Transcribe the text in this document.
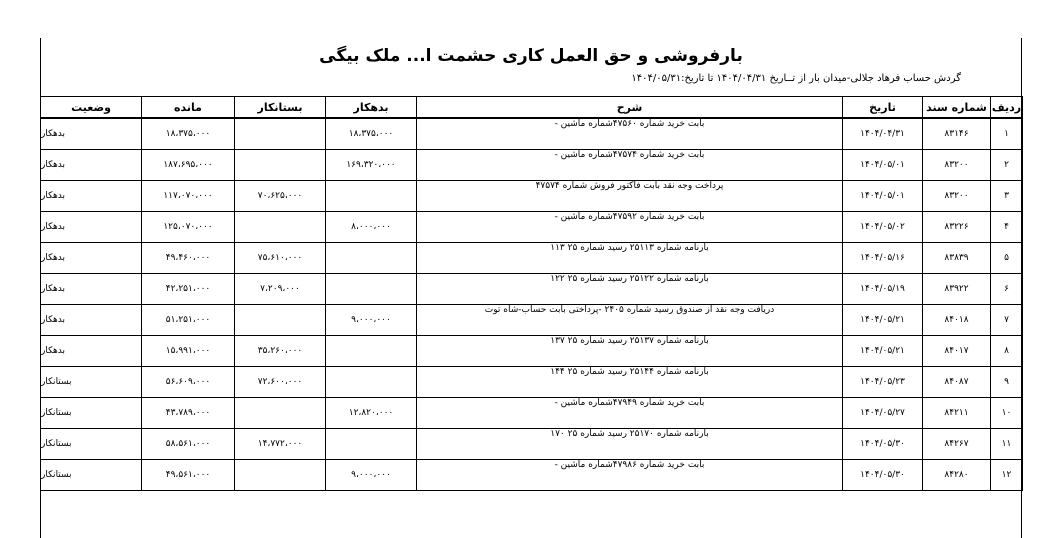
بارفروشی و حق العمل کاری حشمت ا... ملک بیگی
گردش حساب فرهاد جلالی-میدان بار از تــاریخ ۱۴۰۴/۰۴/۳۱ تا تاریخ:۱۴۰۴/۰۵/۳۱
ردیف	شماره سند	تاریخ	شرح	بدهکار	بستانکار	مانده	وضعیت
۱	۸۳۱۴۶	۱۴۰۴/۰۴/۳۱	بابت خرید شماره ۴۷۵۶۰شماره ماشین -	۱۸،۳۷۵،۰۰۰		۱۸،۳۷۵،۰۰۰	بدهکار
۲	۸۳۲۰۰	۱۴۰۴/۰۵/۰۱	بابت خرید شماره ۴۷۵۷۴شماره ماشین -	۱۶۹،۳۲۰،۰۰۰		۱۸۷،۶۹۵،۰۰۰	بدهکار
۳	۸۳۲۰۰	۱۴۰۴/۰۵/۰۱	پرداخت وجه نقد بابت فاکتور فروش شماره ۴۷۵۷۴		۷۰،۶۲۵،۰۰۰	۱۱۷،۰۷۰،۰۰۰	بدهکار
۴	۸۳۲۲۶	۱۴۰۴/۰۵/۰۲	بابت خرید شماره ۴۷۵۹۲شماره ماشین -	۸،۰۰۰،۰۰۰		۱۲۵،۰۷۰،۰۰۰	بدهکار
۵	۸۳۸۳۹	۱۴۰۴/۰۵/۱۶	بارنامه شماره ۲۵۱۱۳ رسید شماره ۲۵ ۱۱۳		۷۵،۶۱۰،۰۰۰	۴۹،۴۶۰،۰۰۰	بدهکار
۶	۸۳۹۲۲	۱۴۰۴/۰۵/۱۹	بارنامه شماره ۲۵۱۲۲ رسید شماره ۲۵ ۱۲۲		۷،۲۰۹،۰۰۰	۴۲،۲۵۱،۰۰۰	بدهکار
۷	۸۴۰۱۸	۱۴۰۴/۰۵/۲۱	دریافت وجه نقد از صندوق رسید شماره ۲۴۰۵ -پرداختی بابت حساب-شاه توت	۹،۰۰۰،۰۰۰		۵۱،۲۵۱،۰۰۰	بدهکار
۸	۸۴۰۱۷	۱۴۰۴/۰۵/۲۱	بارنامه شماره ۲۵۱۳۷ رسید شماره ۲۵ ۱۳۷		۳۵،۲۶۰،۰۰۰	۱۵،۹۹۱،۰۰۰	بدهکار
۹	۸۴۰۸۷	۱۴۰۴/۰۵/۲۳	بارنامه شماره ۲۵۱۴۴ رسید شماره ۲۵ ۱۴۴		۷۲،۶۰۰،۰۰۰	۵۶،۶۰۹،۰۰۰	بستانکار
۱۰	۸۴۲۱۱	۱۴۰۴/۰۵/۲۷	بابت خرید شماره ۴۷۹۴۹شماره ماشین -	۱۲،۸۲۰،۰۰۰		۴۳،۷۸۹،۰۰۰	بستانکار
۱۱	۸۴۲۶۷	۱۴۰۴/۰۵/۳۰	بارنامه شماره ۲۵۱۷۰ رسید شماره ۲۵ ۱۷۰		۱۴،۷۷۲،۰۰۰	۵۸،۵۶۱،۰۰۰	بستانکار
۱۲	۸۴۲۸۰	۱۴۰۴/۰۵/۳۰	بابت خرید شماره ۴۷۹۸۶شماره ماشین -	۹،۰۰۰،۰۰۰		۴۹،۵۶۱،۰۰۰	بستانکار
